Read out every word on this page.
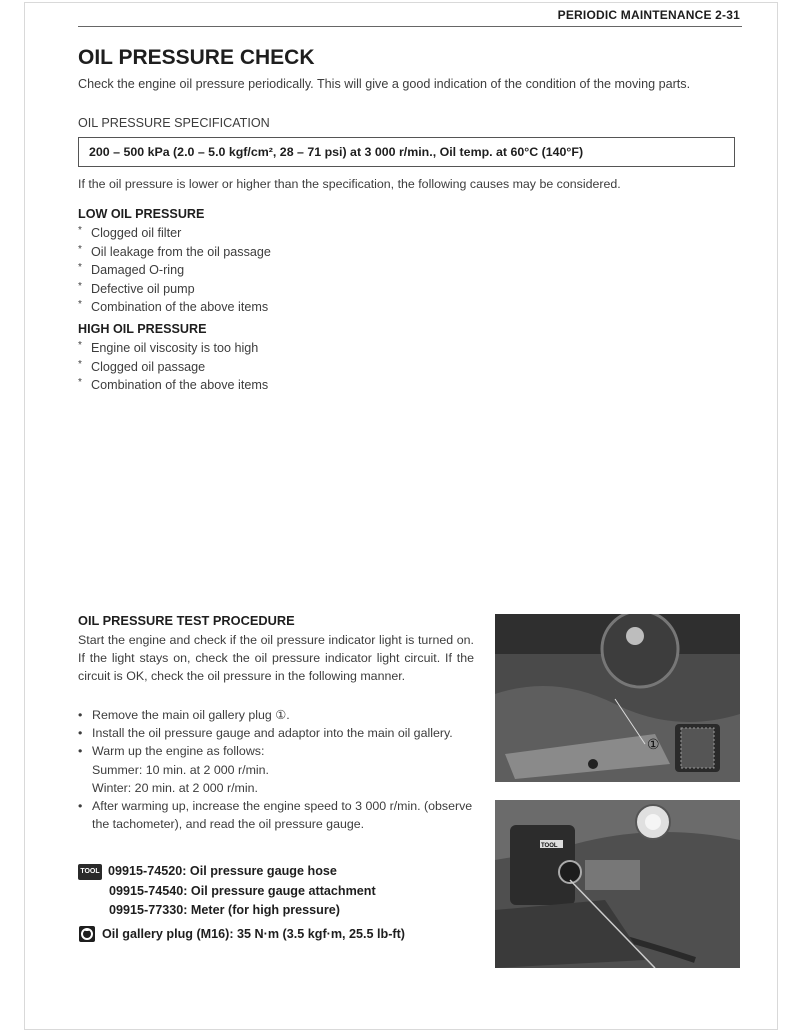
PERIODIC MAINTENANCE 2-31
OIL PRESSURE CHECK
Check the engine oil pressure periodically. This will give a good indication of the condition of the moving parts.
OIL PRESSURE SPECIFICATION
200 – 500 kPa (2.0 – 5.0 kgf/cm², 28 – 71 psi) at 3 000 r/min., Oil temp. at 60°C (140°F)
If the oil pressure is lower or higher than the specification, the following causes may be considered.
LOW OIL PRESSURE
* Clogged oil filter
* Oil leakage from the oil passage
* Damaged O-ring
* Defective oil pump
* Combination of the above items
HIGH OIL PRESSURE
* Engine oil viscosity is too high
* Clogged oil passage
* Combination of the above items
OIL PRESSURE TEST PROCEDURE
Start the engine and check if the oil pressure indicator light is turned on. If the light stays on, check the oil pressure indicator light circuit. If the circuit is OK, check the oil pressure in the following manner.
• Remove the main oil gallery plug ①.
• Install the oil pressure gauge and adaptor into the main oil gallery.
• Warm up the engine as follows:
Summer: 10 min. at 2 000 r/min.
Winter: 20 min. at 2 000 r/min.
• After warming up, increase the engine speed to 3 000 r/min. (observe the tachometer), and read the oil pressure gauge.
TOOL 09915-74520: Oil pressure gauge hose
09915-74540: Oil pressure gauge attachment
09915-77330: Meter (for high pressure)
Oil gallery plug (M16): 35 N·m (3.5 kgf·m, 25.5 lb-ft)
①
TOOL
